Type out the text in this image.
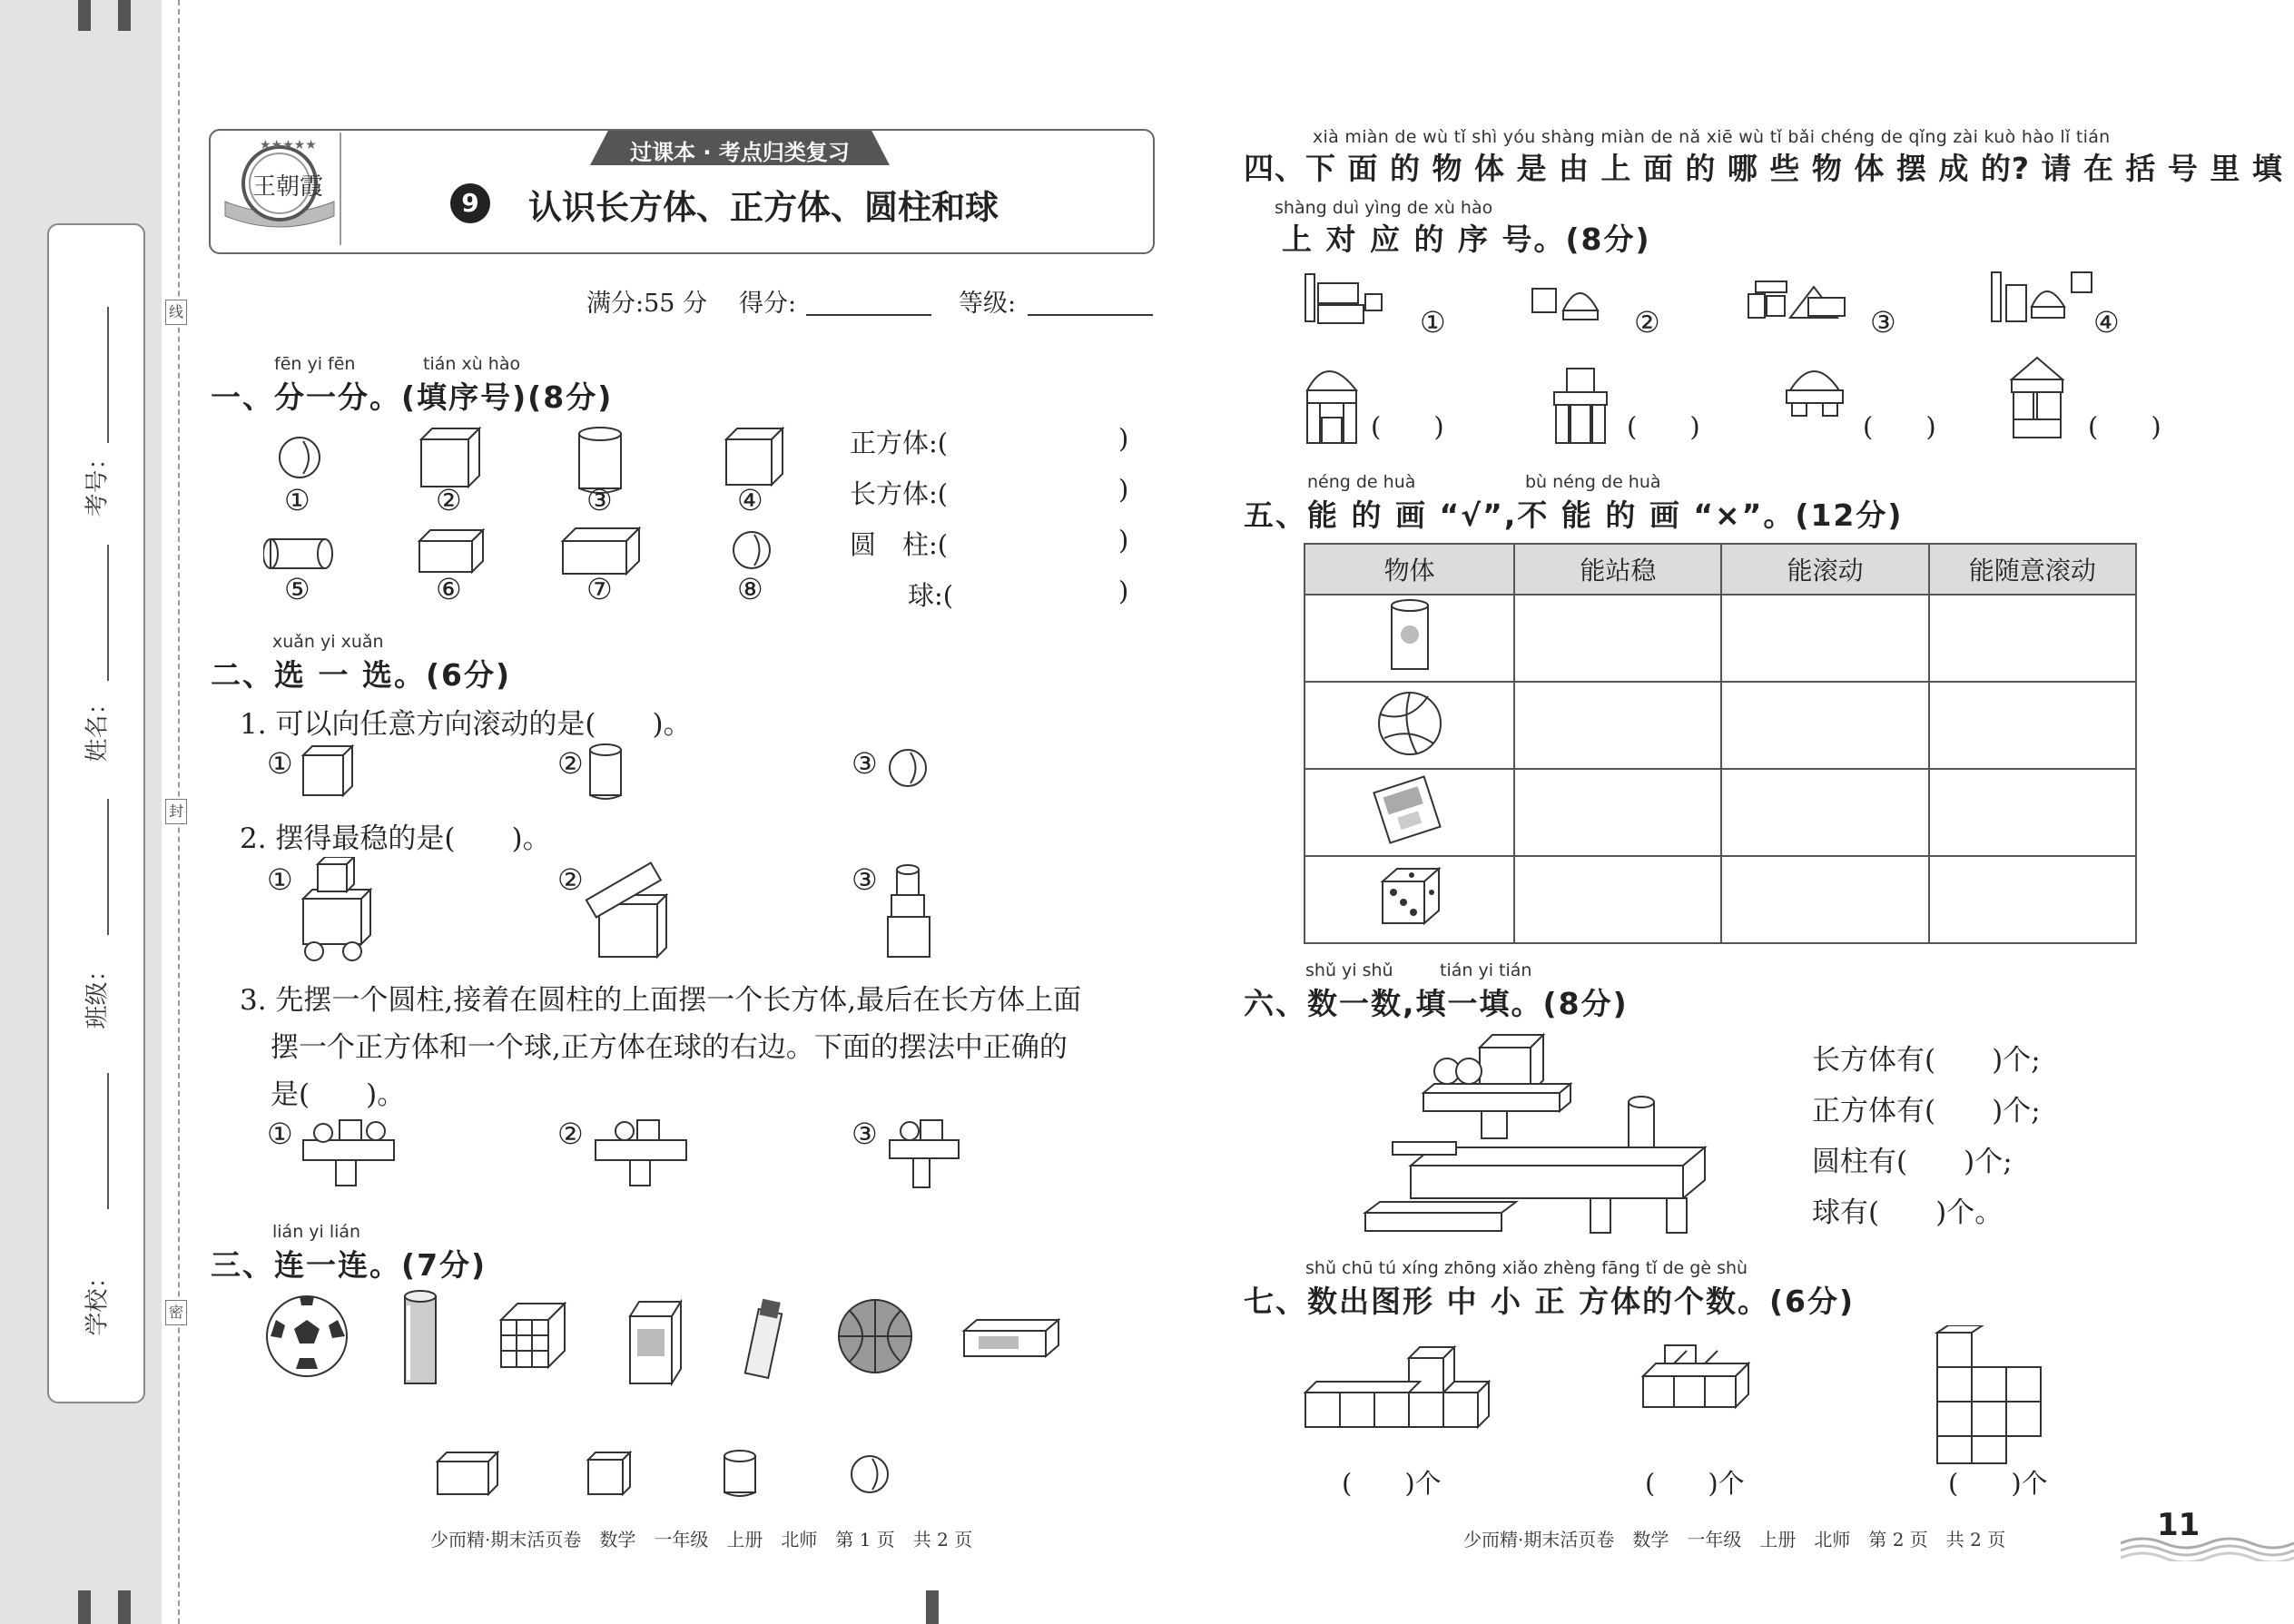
考号：
姓名：
班级：
学校：
线
封
密
★★★★★
王朝霞
过课本 · 考点归类复习
9	认识长方体、正方体、圆柱和球
满分:55 分 得分:	等级:
fēn yi fēn	tián xù hào
一、分一分。(填序号)(8分)
①	②	③	④
⑤	⑥	⑦	⑧
正方体:(	)
长方体:(	)
圆　柱:(	)
球:(	)
xuǎn yi xuǎn
二、选 一 选。(6分)
1. 可以向任意方向滚动的是(　　)。
①	②	③
2. 摆得最稳的是(　　)。
①	②	③
3. 先摆一个圆柱,接着在圆柱的上面摆一个长方体,最后在长方体上面
摆一个正方体和一个球,正方体在球的右边。下面的摆法中正确的
是(　　)。
①	②	③
lián yi lián
三、连一连。(7分)
少而精·期末活页卷　数学　一年级　上册　北师　第 1 页　共 2 页
xià miàn de wù tǐ shì yóu shàng miàn de nǎ xiē wù tǐ bǎi chéng de qǐng zài kuò hào lǐ tián
四、下 面 的 物 体 是 由 上 面 的 哪 些 物 体 摆 成 的? 请 在 括 号 里 填
shàng duì yìng de xù hào
上 对 应 的 序 号。(8分)
①	②	③	④
(　　)	(　　)	(　　)	(　　)
néng de huà	bù néng de huà
五、能 的 画 “√”,不 能 的 画 “×”。(12分)
物体	能站稳	能滚动	能随意滚动

shǔ yi shǔ	tián yi tián
六、数一数,填一填。(8分)
长方体有(　　)个;
正方体有(　　)个;
圆柱有(　　)个;
球有(　　)个。
shǔ chū tú xíng zhōng xiǎo zhèng fāng tǐ de gè shù
七、数出图形 中 小 正 方体的个数。(6分)
(　　)个	(　　)个	(　　)个
少而精·期末活页卷　数学　一年级　上册　北师　第 2 页　共 2 页	11
